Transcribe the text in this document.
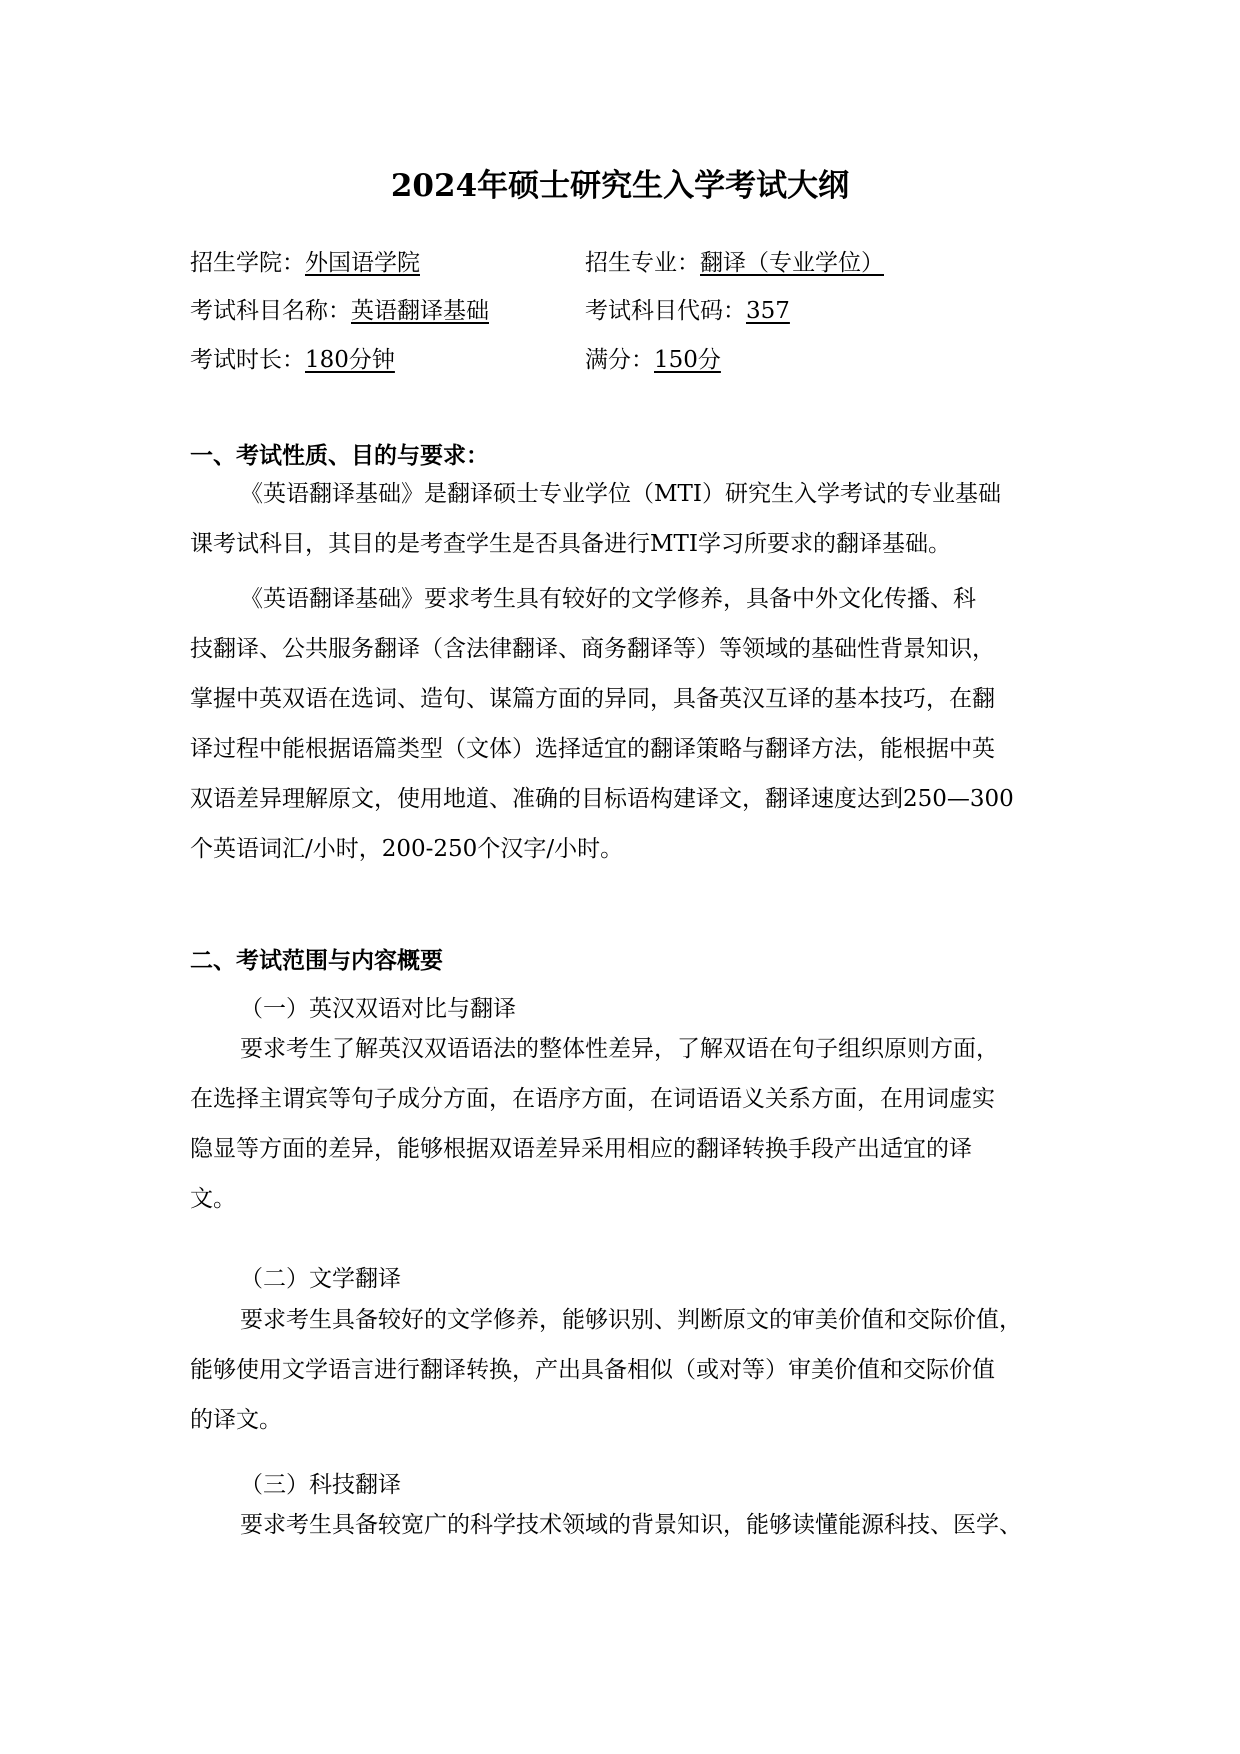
2024年硕士研究生入学考试大纲
招生学院：外国语学院	招生专业：翻译（专业学位）
考试科目名称：英语翻译基础	考试科目代码：357
考试时长：180分钟	满分：150分
一、考试性质、目的与要求：
《英语翻译基础》是翻译硕士专业学位（MTI）研究生入学考试的专业基础
课考试科目，其目的是考查学生是否具备进行MTI学习所要求的翻译基础。
《英语翻译基础》要求考生具有较好的文学修养，具备中外文化传播、科
技翻译、公共服务翻译（含法律翻译、商务翻译等）等领域的基础性背景知识，
掌握中英双语在选词、造句、谋篇方面的异同，具备英汉互译的基本技巧，在翻
译过程中能根据语篇类型（文体）选择适宜的翻译策略与翻译方法，能根据中英
双语差异理解原文，使用地道、准确的目标语构建译文，翻译速度达到250—300
个英语词汇/小时，200-250个汉字/小时。
二、考试范围与内容概要
（一）英汉双语对比与翻译
要求考生了解英汉双语语法的整体性差异，了解双语在句子组织原则方面，
在选择主谓宾等句子成分方面，在语序方面，在词语语义关系方面，在用词虚实
隐显等方面的差异，能够根据双语差异采用相应的翻译转换手段产出适宜的译
文。
（二）文学翻译
要求考生具备较好的文学修养，能够识别、判断原文的审美价值和交际价值，
能够使用文学语言进行翻译转换，产出具备相似（或对等）审美价值和交际价值
的译文。
（三）科技翻译
要求考生具备较宽广的科学技术领域的背景知识，能够读懂能源科技、医学、
